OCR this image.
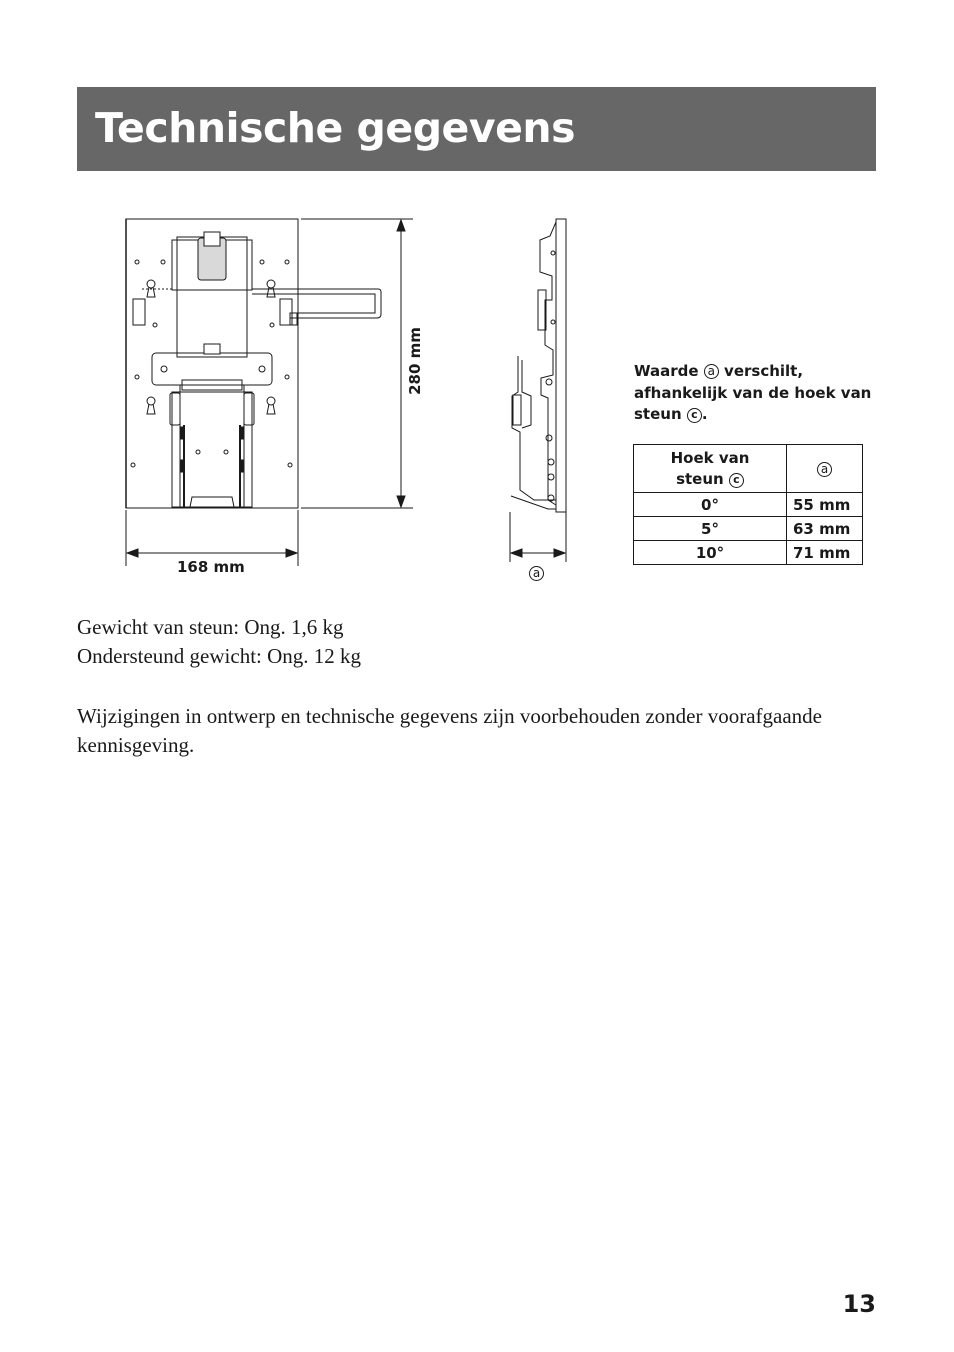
Technische gegevens
280 mm
168 mm	a
Waarde a verschilt, afhankelijk van de hoek van steun c .
Hoek van
steun c	a
0°	55 mm
5°	63 mm
10°	71 mm

Gewicht van steun: Ong. 1,6 kg

Ondersteund gewicht: Ong. 12 kg

Wijzigingen in ontwerp en technische gegevens zijn voorbehouden zonder voorafgaande kennisgeving.

13
